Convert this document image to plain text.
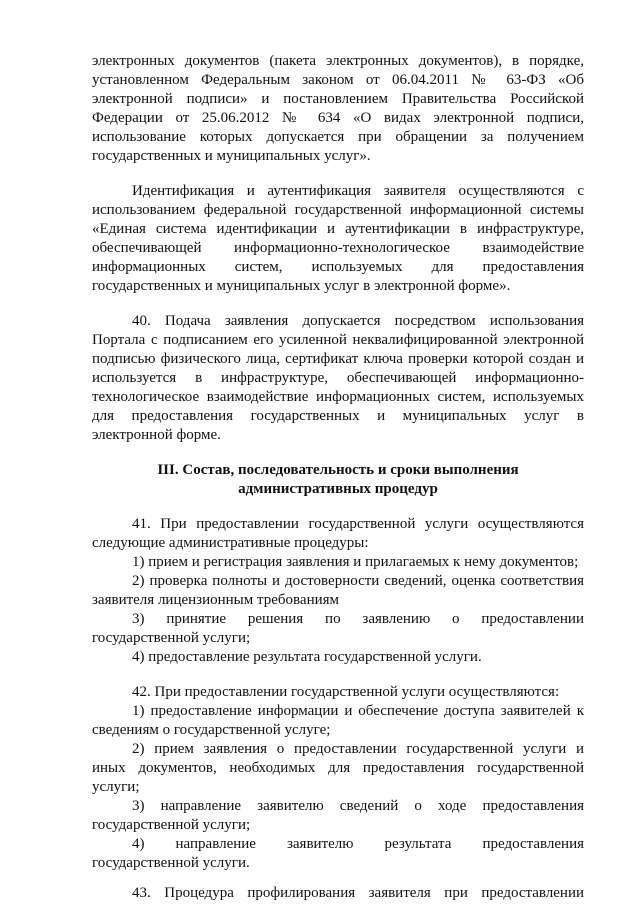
электронных документов (пакета электронных документов), в порядке,
установленном Федеральным законом от 06.04.2011 № 63-ФЗ «Об
электронной подписи» и постановлением Правительства Российской
Федерации от 25.06.2012 № 634 «О видах электронной подписи,
использование которых допускается при обращении за получением
государственных и муниципальных услуг».
Идентификация и аутентификация заявителя осуществляются с
использованием федеральной государственной информационной системы
«Единая система идентификации и аутентификации в инфраструктуре,
обеспечивающей информационно-технологическое взаимодействие
информационных систем, используемых для предоставления
государственных и муниципальных услуг в электронной форме».
40. Подача заявления допускается посредством использования
Портала с подписанием его усиленной неквалифицированной электронной
подписью физического лица, сертификат ключа проверки которой создан и
используется в инфраструктуре, обеспечивающей информационно-
технологическое взаимодействие информационных систем, используемых
для предоставления государственных и муниципальных услуг в
электронной форме.
III. Состав, последовательность и сроки выполнения
административных процедур
41. При предоставлении государственной услуги осуществляются
следующие административные процедуры:
1) прием и регистрация заявления и прилагаемых к нему документов;
2) проверка полноты и достоверности сведений, оценка соответствия
заявителя лицензионным требованиям
3) принятие решения по заявлению о предоставлении
государственной услуги;
4) предоставление результата государственной услуги.
42. При предоставлении государственной услуги осуществляются:
1) предоставление информации и обеспечение доступа заявителей к
сведениям о государственной услуге;
2) прием заявления о предоставлении государственной услуги и
иных документов, необходимых для предоставления государственной
услуги;
3) направление заявителю сведений о ходе предоставления
государственной услуги;
4) направление заявителю результата предоставления
государственной услуги.
43. Процедура профилирования заявителя при предоставлении
